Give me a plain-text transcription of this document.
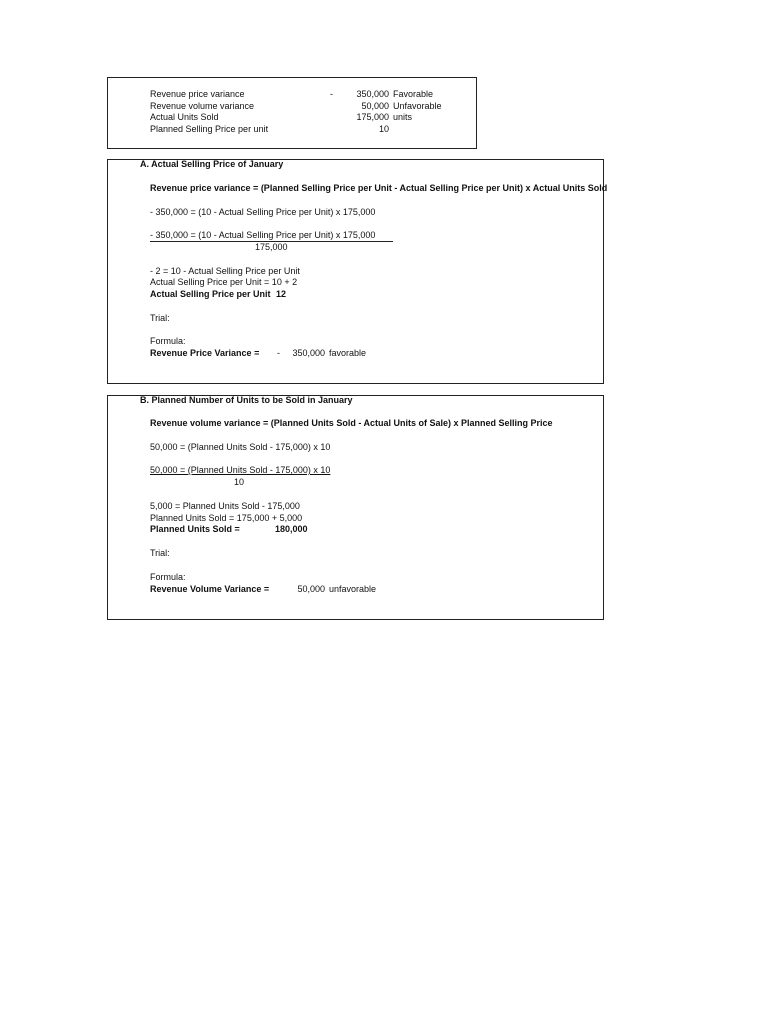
Revenue price variance	-	350,000 Favorable
Revenue volume variance	50,000 Unfavorable
Actual Units Sold	175,000 units
Planned Selling Price per unit	10
A. Actual Selling Price of January
Revenue price variance = (Planned Selling Price per Unit - Actual Selling Price per Unit) x Actual Units Sold
- 350,000 = (10 - Actual Selling Price per Unit) x 175,000
- 350,000 = (10 - Actual Selling Price per Unit) x 175,000
175,000
- 2 = 10 - Actual Selling Price per Unit
Actual Selling Price per Unit = 10 + 2
Actual Selling Price per Unit 12
Trial:
Formula:
Revenue Price Variance = -	350,000 favorable
B. Planned Number of Units to be Sold in January
Revenue volume variance = (Planned Units Sold - Actual Units of Sale) x Planned Selling Price
50,000 = (Planned Units Sold - 175,000) x 10
50,000 = (Planned Units Sold - 175,000) x 10
10
5,000 = Planned Units Sold - 175,000
Planned Units Sold = 175,000 + 5,000
Planned Units Sold =	180,000
Trial:
Formula:
Revenue Volume Variance =	50,000 unfavorable
